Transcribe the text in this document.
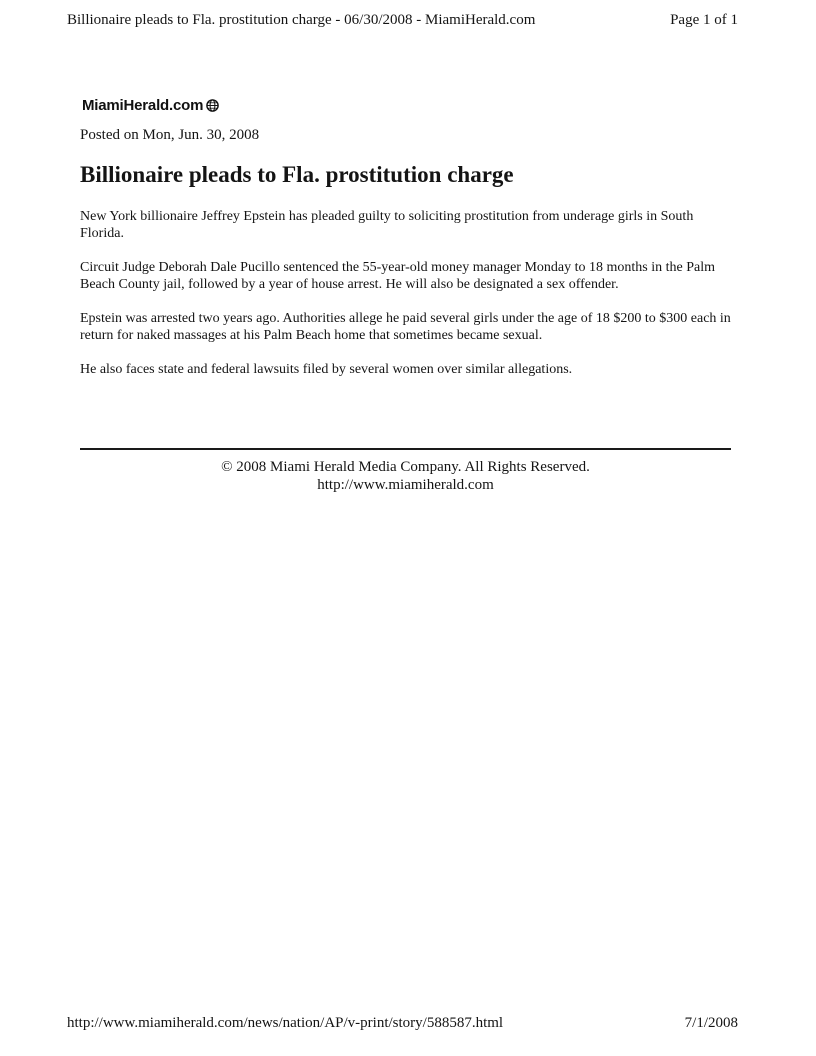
Billionaire pleads to Fla. prostitution charge - 06/30/2008 - MiamiHerald.com	Page 1 of 1
MiamiHerald.com
Posted on Mon, Jun. 30, 2008
Billionaire pleads to Fla. prostitution charge

New York billionaire Jeffrey Epstein has pleaded guilty to soliciting prostitution from underage girls in South Florida.

Circuit Judge Deborah Dale Pucillo sentenced the 55-year-old money manager Monday to 18 months in the Palm Beach County jail, followed by a year of house arrest. He will also be designated a sex offender.

Epstein was arrested two years ago. Authorities allege he paid several girls under the age of 18 $200 to $300 each in return for naked massages at his Palm Beach home that sometimes became sexual.

He also faces state and federal lawsuits filed by several women over similar allegations.

© 2008 Miami Herald Media Company. All Rights Reserved.
http://www.miamiherald.com
http://www.miamiherald.com/news/nation/AP/v-print/story/588587.html	7/1/2008
